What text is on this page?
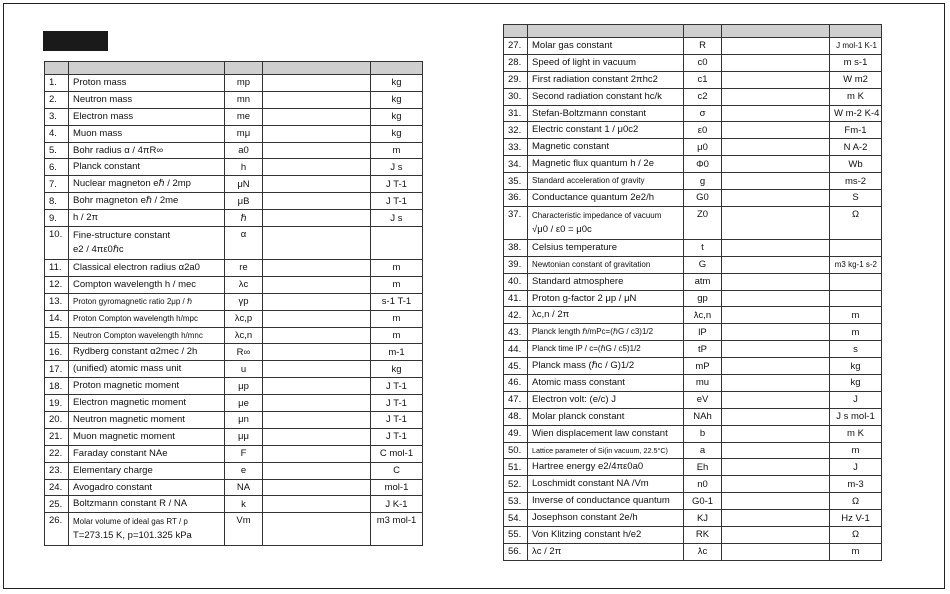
1.	Proton mass	mp		kg
2.	Neutron mass	mn		kg
3.	Electron mass	me		kg
4.	Muon mass	mμ		kg
5.	Bohr radius α / 4πR∞	a0		m
6.	Planck constant	h		J s
7.	Nuclear magneton eℏ / 2mp	μN		J T-1
8.	Bohr magneton eℏ / 2me	μB		J T-1
9.	h / 2π	ℏ		J s
10.	Fine-structure constant
e2 / 4πε0ℏc	α		
11.	Classical electron radius α2a0	re		m
12.	Compton wavelength h / mec	λc		m
13.	Proton gyromagnetic ratio 2μp / ℏ	γp		s-1 T-1
14.	Proton Compton wavelength h/mpc	λc,p		m
15.	Neutron Compton wavelength h/mnc	λc,n		m
16.	Rydberg constant α2mec / 2h	R∞		m-1
17.	(unified) atomic mass unit	u		kg
18.	Proton magnetic moment	μp		J T-1
19.	Electron magnetic moment	μe		J T-1
20.	Neutron magnetic moment	μn		J T-1
21.	Muon magnetic moment	μμ		J T-1
22.	Faraday constant NAe	F		C mol-1
23.	Elementary charge	e		C
24.	Avogadro constant	NA		mol-1
25.	Boltzmann constant R / NA	k		J K-1
26.	Molar volume of ideal gas RT / p
T=273.15 K, p=101.325 kPa	Vm		m3 mol-1

27.	Molar gas constant	R		J mol-1 K-1
28.	Speed of light in vacuum	c0		m s-1
29.	First radiation constant 2πhc2	c1		W m2
30.	Second radiation constant hc/k	c2		m K
31.	Stefan-Boltzmann constant	σ		W m-2 K-4
32.	Electric constant 1 / μ0c2	ε0		Fm-1
33.	Magnetic constant	μ0		N A-2
34.	Magnetic flux quantum h / 2e	Φ0		Wb
35.	Standard acceleration of gravity	g		ms-2
36.	Conductance quantum 2e2/h	G0		S
37.	Characteristic impedance of vacuum
√μ0 / ε0 = μ0c	Z0		Ω
38.	Celsius temperature	t		
39.	Newtonian constant of gravitation	G		m3 kg-1 s-2
40.	Standard atmosphere	atm		
41.	Proton g-factor 2 μp / μN	gp		
42.	λc,n / 2π	ƛc,n		m
43.	Planck length ℏ/mPc=(ℏG / c3)1/2	lP		m
44.	Planck time lP / c=(ℏG / c5)1/2	tP		s
45.	Planck mass (ℏc / G)1/2	mP		kg
46.	Atomic mass constant	mu		kg
47.	Electron volt: (e/c) J	eV		J
48.	Molar planck constant	NAh		J s mol-1
49.	Wien displacement law constant	b		m K
50.	Lattice parameter of Si(in vacuum, 22.5°C)	a		m
51.	Hartree energy e2/4πε0a0	Eh		J
52.	Loschmidt constant NA /Vm	n0		m-3
53.	Inverse of conductance quantum	G0-1		Ω
54.	Josephson constant 2e/h	KJ		Hz V-1
55.	Von Klitzing constant h/e2	RK		Ω
56.	λc / 2π	ƛc		m
